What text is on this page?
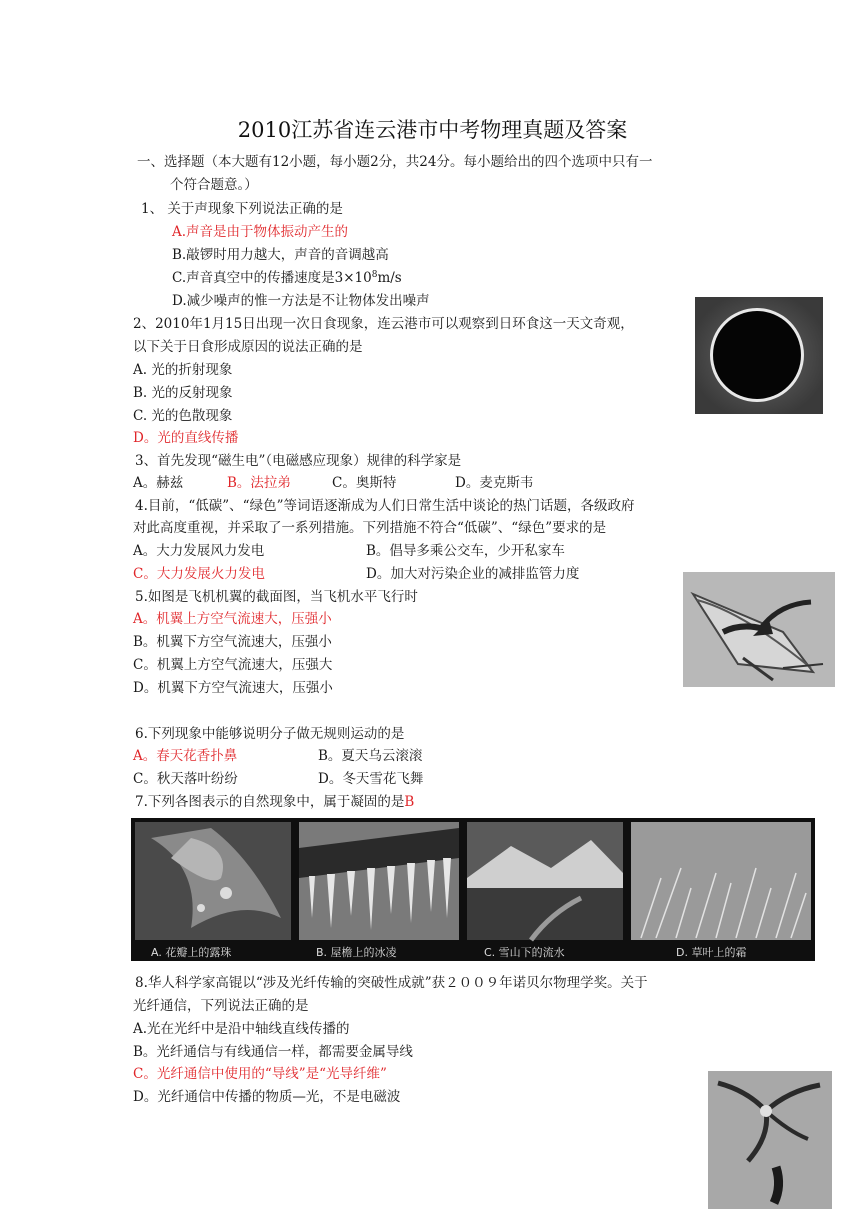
2010江苏省连云港市中考物理真题及答案
一、选择题（本大题有12小题，每小题2分，共24分。每小题给出的四个选项中只有一
个符合题意。）
1、 关于声现象下列说法正确的是
A.声音是由于物体振动产生的
B.敲锣时用力越大，声音的音调越高
C.声音真空中的传播速度是$3\times 10^8m/s$
D.减少噪声的惟一方法是不让物体发出噪声
2、2010年1月15日出现一次日食现象，连云港市可以观察到日环食这一天文奇观，
以下关于日食形成原因的说法正确的是
A. 光的折射现象
B. 光的反射现象
C. 光的色散现象
D。光的直线传播
3、首先发现“磁生电”（电磁感应现象）规律的科学家是
A。赫兹	B。法拉弟	C。奥斯特	D。麦克斯韦
4.目前，“低碳”、“绿色”等词语逐渐成为人们日常生活中谈论的热门话题，各级政府
对此高度重视，并采取了一系列措施。下列措施不符合“低碳”、“绿色”要求的是
A。大力发展风力发电	B。倡导多乘公交车，少开私家车
C。大力发展火力发电	D。加大对污染企业的减排监管力度
5.如图是飞机机翼的截面图，当飞机水平飞行时
A。机翼上方空气流速大，压强小
B。机翼下方空气流速大，压强小
C。机翼上方空气流速大，压强大
D。机翼下方空气流速大，压强小
6.下列现象中能够说明分子做无规则运动的是
A。春天花香扑鼻	B。夏天乌云滚滚
C。秋天落叶纷纷	D。冬天雪花飞舞
7.下列各图表示的自然现象中，属于凝固的是B
A. 花瓣上的露珠	B. 屋檐上的冰凌	C. 雪山下的流水	D. 草叶上的霜
8.华人科学家高锟以“涉及光纤传输的突破性成就”获２００９年诺贝尔物理学奖。关于
光纤通信，下列说法正确的是
A.光在光纤中是沿中轴线直线传播的
B。光纤通信与有线通信一样，都需要金属导线
C。光纤通信中使用的“导线”是“光导纤维”
D。光纤通信中传播的物质—光，不是电磁波
